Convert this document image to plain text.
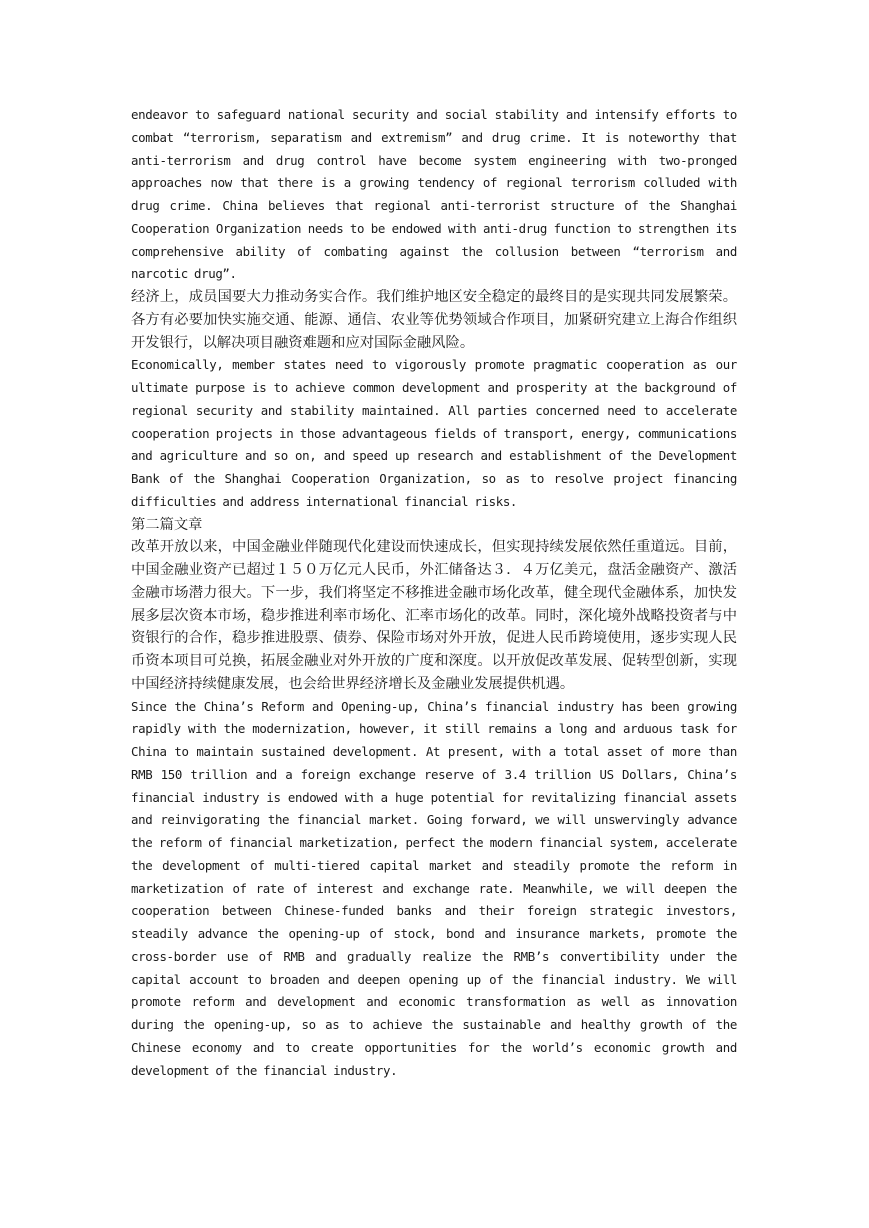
endeavor to safeguard national security and social stability and intensify efforts to combat “terrorism, separatism and extremism” and drug crime. It is noteworthy that anti-terrorism and drug control have become system engineering with two-pronged approaches now that there is a growing tendency of regional terrorism colluded with drug crime. China believes that regional anti-terrorist structure of the Shanghai Cooperation Organization needs to be endowed with anti-drug function to strengthen its comprehensive ability of combating against the collusion between “terrorism and narcotic drug”.

经济上，成员国要大力推动务实合作。我们维护地区安全稳定的最终目的是实现共同发展繁荣。各方有必要加快实施交通、能源、通信、农业等优势领域合作项目，加紧研究建立上海合作组织开发银行，以解决项目融资难题和应对国际金融风险。

Economically, member states need to vigorously promote pragmatic cooperation as our ultimate purpose is to achieve common development and prosperity at the background of regional security and stability maintained. All parties concerned need to accelerate cooperation projects in those advantageous fields of transport, energy, communications and agriculture and so on, and speed up research and establishment of the Development Bank of the Shanghai Cooperation Organization, so as to resolve project financing difficulties and address international financial risks.

第二篇文章

改革开放以来，中国金融业伴随现代化建设而快速成长，但实现持续发展依然任重道远。目前，中国金融业资产已超过１５０万亿元人民币，外汇储备达３．４万亿美元，盘活金融资产、激活金融市场潜力很大。下一步，我们将坚定不移推进金融市场化改革，健全现代金融体系，加快发展多层次资本市场，稳步推进利率市场化、汇率市场化的改革。同时，深化境外战略投资者与中资银行的合作，稳步推进股票、债券、保险市场对外开放，促进人民币跨境使用，逐步实现人民币资本项目可兑换，拓展金融业对外开放的广度和深度。以开放促改革发展、促转型创新，实现中国经济持续健康发展，也会给世界经济增长及金融业发展提供机遇。

Since the China’s Reform and Opening-up, China’s financial industry has been growing rapidly with the modernization, however, it still remains a long and arduous task for China to maintain sustained development. At present, with a total asset of more than RMB 150 trillion and a foreign exchange reserve of 3.4 trillion US Dollars, China’s financial industry is endowed with a huge potential for revitalizing financial assets and reinvigorating the financial market. Going forward, we will unswervingly advance the reform of financial marketization, perfect the modern financial system, accelerate the development of multi-tiered capital market and steadily promote the reform in marketization of rate of interest and exchange rate. Meanwhile, we will deepen the cooperation between Chinese-funded banks and their foreign strategic investors, steadily advance the opening-up of stock, bond and insurance markets, promote the cross-border use of RMB and gradually realize the RMB’s convertibility under the capital account to broaden and deepen opening up of the financial industry. We will promote reform and development and economic transformation as well as innovation during the opening-up, so as to achieve the sustainable and healthy growth of the Chinese economy and to create opportunities for the world’s economic growth and development of the financial industry.
